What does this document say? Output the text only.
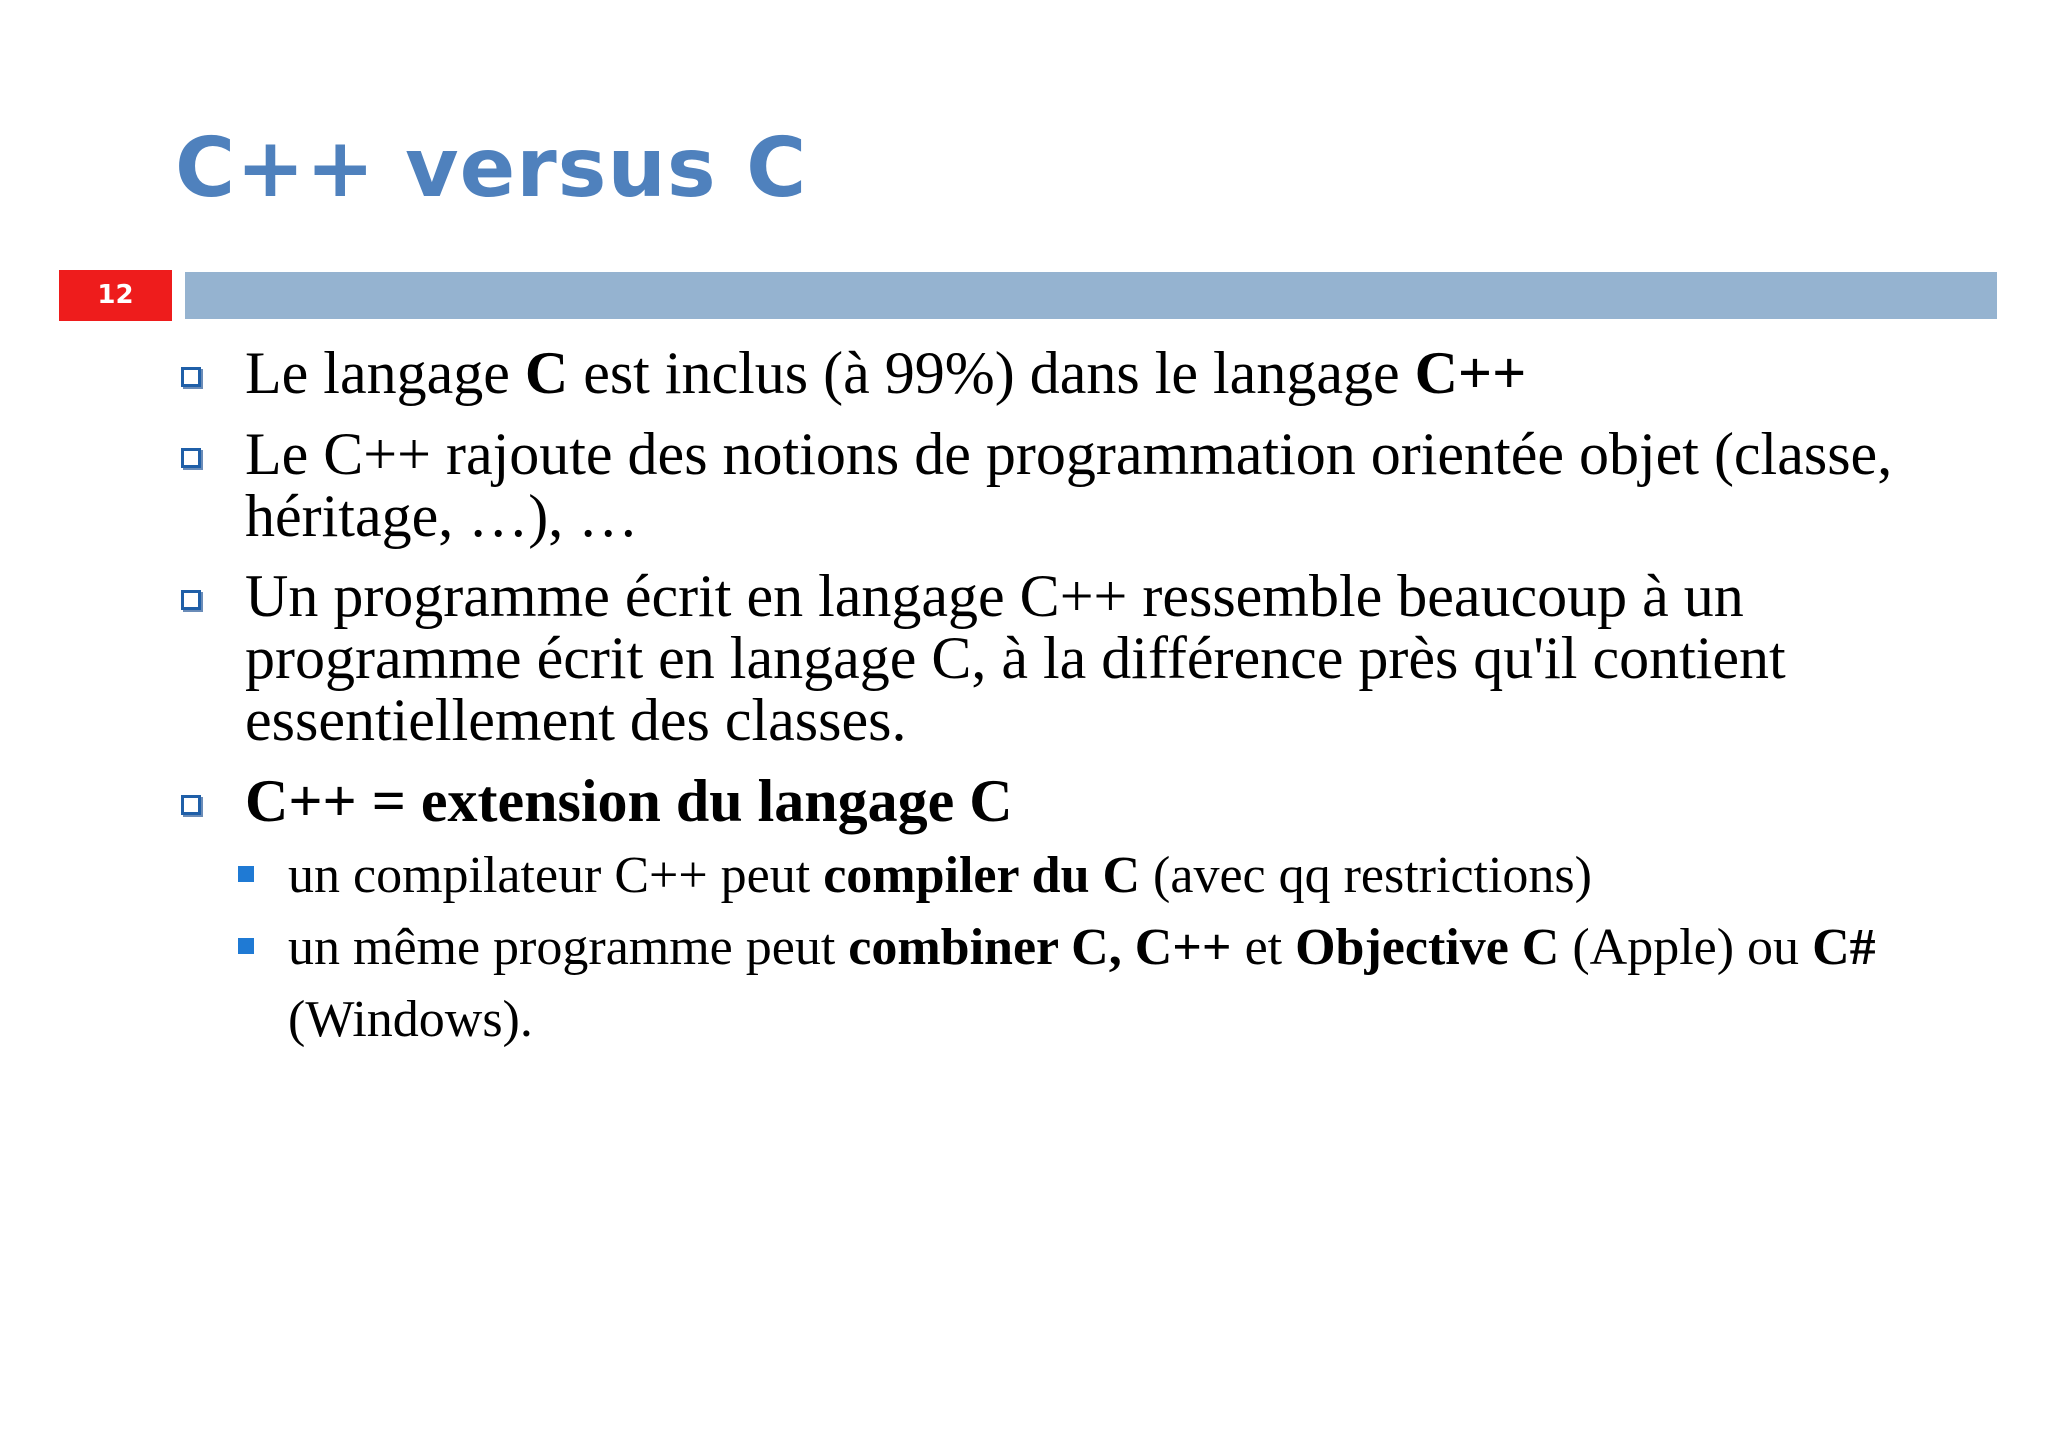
C++ versus C
12
Le langage C est inclus (à 99%) dans le langage C++
Le C++ rajoute des notions de programmation orientée objet (classe, héritage, …), …
Un programme écrit en langage C++ ressemble beaucoup à un programme écrit en langage C, à la différence près qu'il contient essentiellement des classes.
C++ = extension du langage C
un compilateur C++ peut compiler du C (avec qq restrictions)
un même programme peut combiner C, C++ et Objective C (Apple) ou C# (Windows).
